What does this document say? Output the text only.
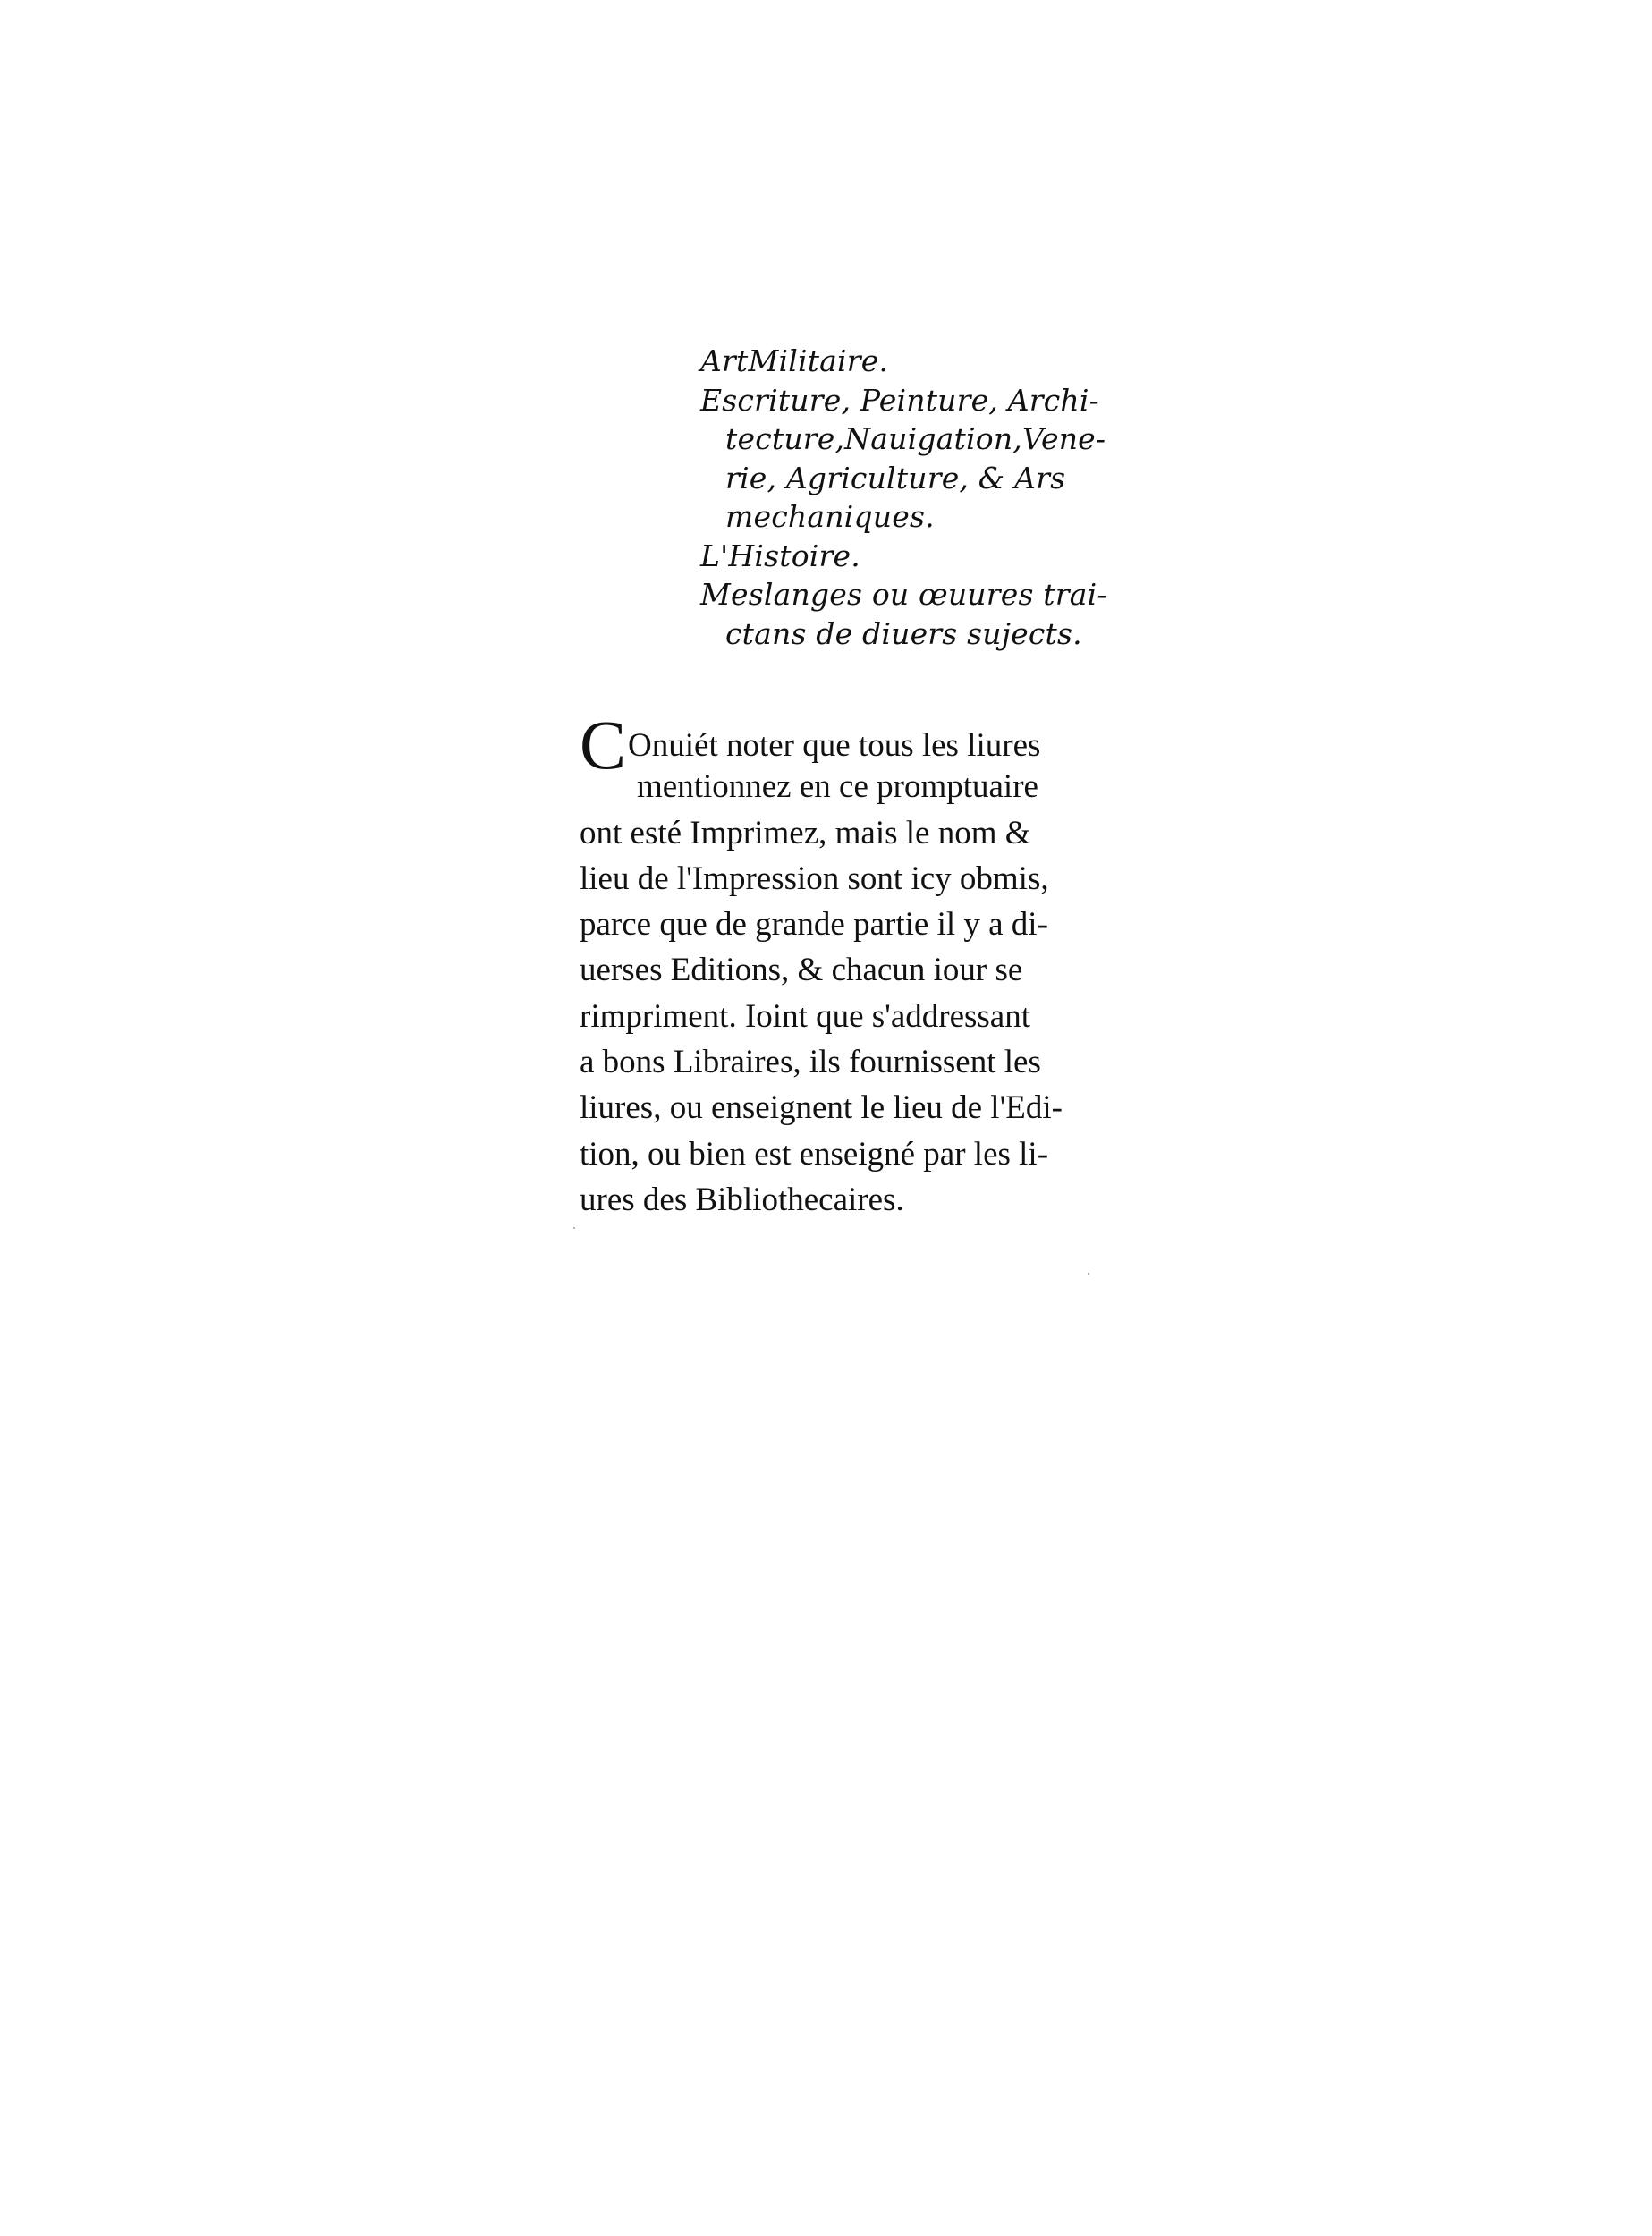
ArtMilitaire.
Escriture, Peinture, Archi-
tecture,Nauigation,Vene-
rie, Agriculture, & Ars
mechaniques.
L'Histoire.
Meslanges ou œuures trai-
ctans de diuers sujects.
COnuiét noter que tous les liures
mentionnez en ce promptuaire
ont esté Imprimez, mais le nom &
lieu de l'Impression sont icy obmis,
parce que de grande partie il y a di-
uerses Editions, & chacun iour se
rimpriment. Ioint que s'addressant
a bons Libraires, ils fournissent les
liures, ou enseignent le lieu de l'Edi-
tion, ou bien est enseigné par les li-
ures des Bibliothecaires.
